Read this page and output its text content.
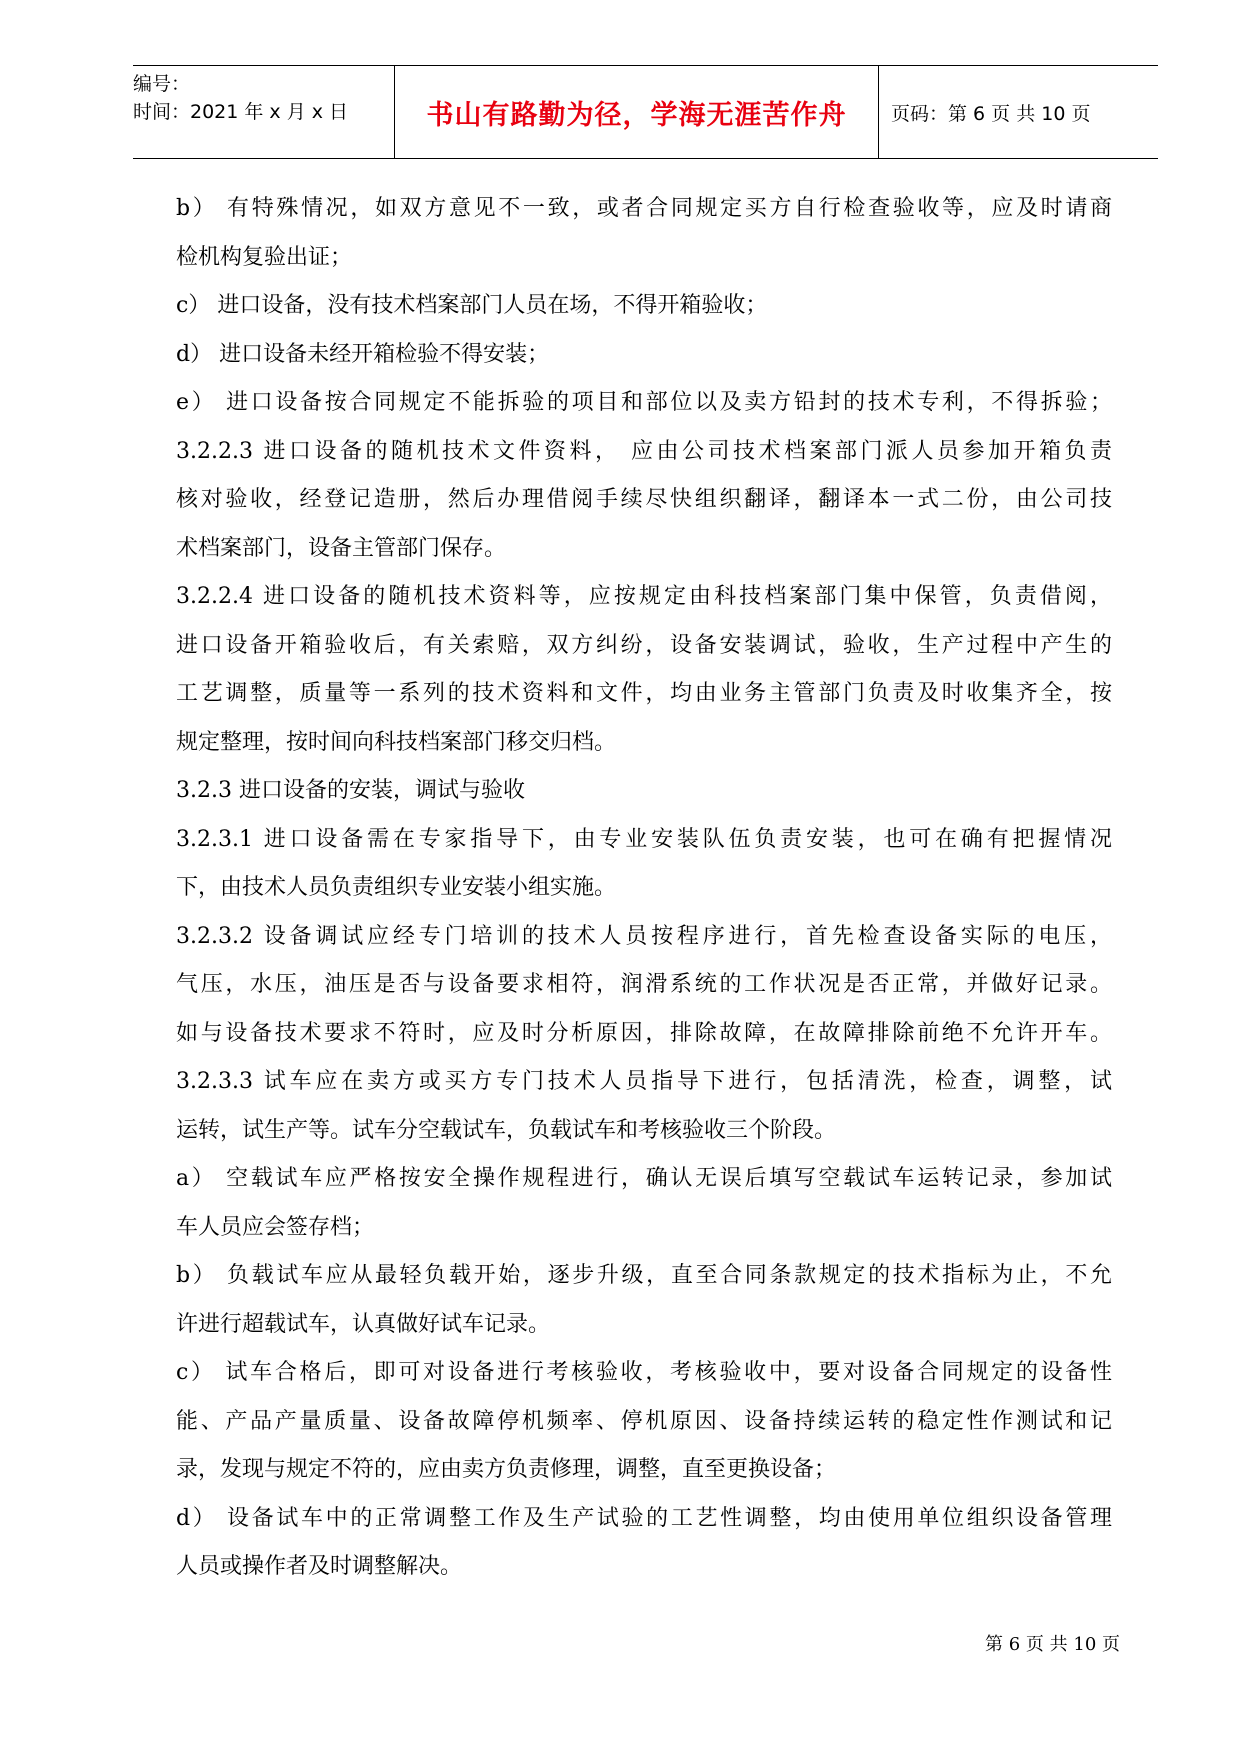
编号：
时间：2021 年 x 月 x 日	书山有路勤为径，学海无涯苦作舟 页码：第 6 页 共 10 页
b） 有特殊情况，如双方意见不一致，或者合同规定买方自行检查验收等，应及时请商
检机构复验出证；
c） 进口设备，没有技术档案部门人员在场，不得开箱验收；
d） 进口设备未经开箱检验不得安装；
e） 进口设备按合同规定不能拆验的项目和部位以及卖方铅封的技术专利，不得拆验；
3.2.2.3 进口设备的随机技术文件资料， 应由公司技术档案部门派人员参加开箱负责
核对验收，经登记造册，然后办理借阅手续尽快组织翻译，翻译本一式二份，由公司技
术档案部门，设备主管部门保存。
3.2.2.4 进口设备的随机技术资料等，应按规定由科技档案部门集中保管，负责借阅，
进口设备开箱验收后，有关索赔，双方纠纷，设备安装调试，验收，生产过程中产生的
工艺调整，质量等一系列的技术资料和文件，均由业务主管部门负责及时收集齐全，按
规定整理，按时间向科技档案部门移交归档。
3.2.3 进口设备的安装，调试与验收
3.2.3.1 进口设备需在专家指导下，由专业安装队伍负责安装，也可在确有把握情况
下，由技术人员负责组织专业安装小组实施。
3.2.3.2 设备调试应经专门培训的技术人员按程序进行，首先检查设备实际的电压，
气压，水压，油压是否与设备要求相符，润滑系统的工作状况是否正常，并做好记录。
如与设备技术要求不符时，应及时分析原因，排除故障，在故障排除前绝不允许开车。
3.2.3.3 试车应在卖方或买方专门技术人员指导下进行，包括清洗，检查，调整，试
运转，试生产等。试车分空载试车，负载试车和考核验收三个阶段。
a） 空载试车应严格按安全操作规程进行，确认无误后填写空载试车运转记录，参加试
车人员应会签存档；
b） 负载试车应从最轻负载开始，逐步升级，直至合同条款规定的技术指标为止，不允
许进行超载试车，认真做好试车记录。
c） 试车合格后，即可对设备进行考核验收，考核验收中，要对设备合同规定的设备性
能、产品产量质量、设备故障停机频率、停机原因、设备持续运转的稳定性作测试和记
录，发现与规定不符的，应由卖方负责修理，调整，直至更换设备；
d） 设备试车中的正常调整工作及生产试验的工艺性调整，均由使用单位组织设备管理
人员或操作者及时调整解决。
第 6 页 共 10 页
